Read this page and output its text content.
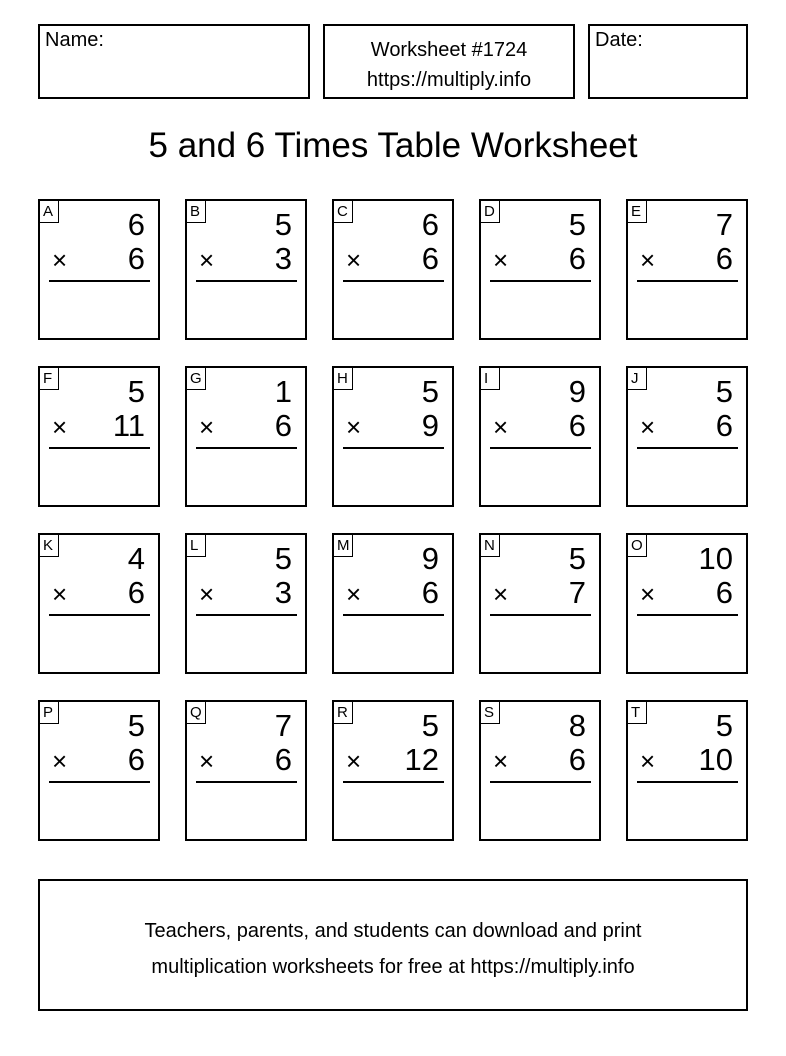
Name:	Worksheet #1724
https://multiply.info
Date:
5 and 6 Times Table Worksheet
A 6
× 6
B 5
× 3
C 6
× 6
D 5
× 6
E 7
× 6
F 5
× 11
G 1
× 6
H 5
× 9
I	9
× 6
J 5
× 6
K 4
× 6
L 5
× 3
M 9
× 6
N 5
× 7
O 10
× 6
P 5
× 6
Q 7
× 6
R 5
× 12
S 8
× 6
T 5
× 10
Teachers, parents, and students can download and print
multiplication worksheets for free at https://multiply.info
